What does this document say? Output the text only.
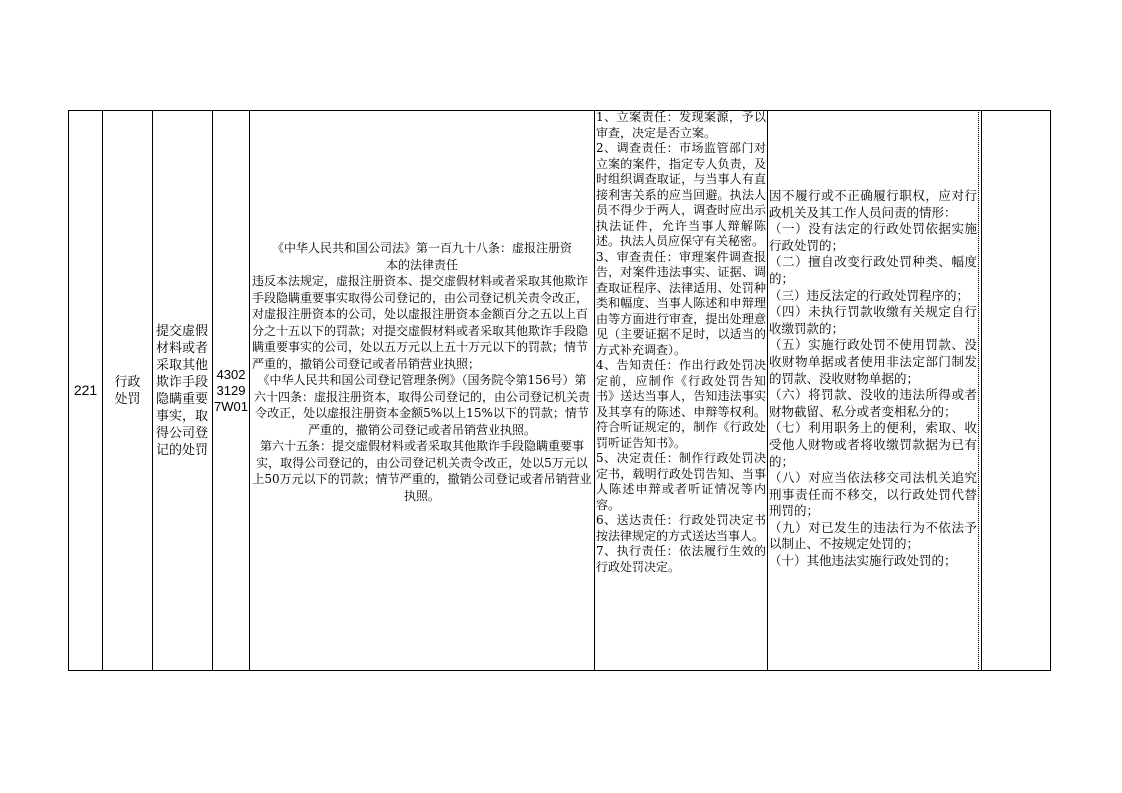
221
行政处罚
提交虚假材料或者采取其他欺诈手段隐瞒重要事实，取得公司登记的处罚
43023129 7W01

《中华人民共和国公司法》第一百九十八条：虚报注册资本的法律责任

违反本法规定，虚报注册资本、提交虚假材料或者采取其他欺诈手段隐瞒重要事实取得公司登记的，由公司登记机关责令改正，对虚报注册资本的公司，处以虚报注册资本金额百分之五以上百分之十五以下的罚款；对提交虚假材料或者采取其他欺诈手段隐瞒重要事实的公司，处以五万元以上五十万元以下的罚款；情节严重的，撤销公司登记或者吊销营业执照；

《中华人民共和国公司登记管理条例》（国务院令第156号）第六十四条：虚报注册资本，取得公司登记的，由公司登记机关责令改正，处以虚报注册资本金额5%以上15%以下的罚款；情节严重的，撤销公司登记或者吊销营业执照。

第六十五条：提交虚假材料或者采取其他欺诈手段隐瞒重要事实，取得公司登记的，由公司登记机关责令改正，处以5万元以上50万元以下的罚款；情节严重的，撤销公司登记或者吊销营业执照。

1、立案责任：发现案源，予以审查，决定是否立案。

2、调查责任：市场监管部门对立案的案件，指定专人负责，及时组织调查取证，与当事人有直接利害关系的应当回避。执法人员不得少于两人，调查时应出示执法证件，允许当事人辩解陈述。执法人员应保守有关秘密。

3、审查责任：审理案件调查报告，对案件违法事实、证据、调查取证程序、法律适用、处罚种类和幅度、当事人陈述和申辩理由等方面进行审查，提出处理意见（主要证据不足时，以适当的方式补充调查）。

4、告知责任：作出行政处罚决定前，应制作《行政处罚告知书》送达当事人，告知违法事实及其享有的陈述、申辩等权利。符合听证规定的，制作《行政处罚听证告知书》。

5、决定责任：制作行政处罚决定书，载明行政处罚告知、当事人陈述申辩或者听证情况等内容。

6、送达责任：行政处罚决定书按法律规定的方式送达当事人。

7、执行责任：依法履行生效的行政处罚决定。

因不履行或不正确履行职权，应对行政机关及其工作人员问责的情形：

（一）没有法定的行政处罚依据实施行政处罚的；

（二）擅自改变行政处罚种类、幅度的；

（三）违反法定的行政处罚程序的；

（四）未执行罚款收缴有关规定自行收缴罚款的；

（五）实施行政处罚不使用罚款、没收财物单据或者使用非法定部门制发的罚款、没收财物单据的；

（六）将罚款、没收的违法所得或者财物截留、私分或者变相私分的；

（七）利用职务上的便利，索取、收受他人财物或者将收缴罚款据为已有的；

（八）对应当依法移交司法机关追究刑事责任而不移交，以行政处罚代替刑罚的；

（九）对已发生的违法行为不依法予以制止、不按规定处罚的；

（十）其他违法实施行政处罚的；
